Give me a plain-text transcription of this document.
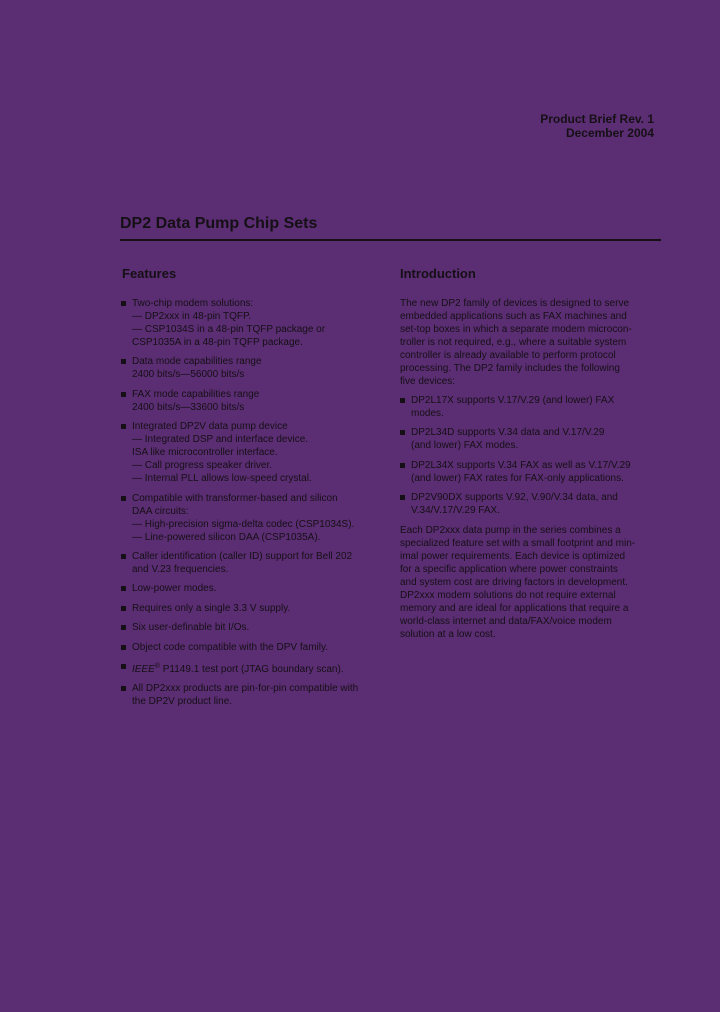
Product Brief Rev. 1
December 2004
DP2 Data Pump Chip Sets
Features	Introduction
Two-chip modem solutions:
— DP2xxx in 48-pin TQFP.
— CSP1034S in a 48-pin TQFP package or
CSP1035A in a 48-pin TQFP package.
Data mode capabilities range
2400 bits/s—56000 bits/s
FAX mode capabilities range
2400 bits/s—33600 bits/s
Integrated DP2V data pump device
— Integrated DSP and interface device.
ISA like microcontroller interface.
— Call progress speaker driver.
— Internal PLL allows low-speed crystal.
Compatible with transformer-based and silicon
DAA circuits:
— High-precision sigma-delta codec (CSP1034S).
— Line-powered silicon DAA (CSP1035A).
Caller identification (caller ID) support for Bell 202
and V.23 frequencies.
Low-power modes.
Requires only a single 3.3 V supply.
Six user-definable bit I/Os.
Object code compatible with the DPV family.
IEEE® P1149.1 test port (JTAG boundary scan).
All DP2xxx products are pin-for-pin compatible with
the DP2V product line.

The new DP2 family of devices is designed to serve
embedded applications such as FAX machines and
set-top boxes in which a separate modem microcon-
troller is not required, e.g., where a suitable system
controller is already available to perform protocol
processing. The DP2 family includes the following
five devices:

DP2L17X supports V.17/V.29 (and lower) FAX
modes.
DP2L34D supports V.34 data and V.17/V.29
(and lower) FAX modes.
DP2L34X supports V.34 FAX as well as V.17/V.29
(and lower) FAX rates for FAX-only applications.
DP2V90DX supports V.92, V.90/V.34 data, and
V.34/V.17/V.29 FAX.

Each DP2xxx data pump in the series combines a
specialized feature set with a small footprint and min-
imal power requirements. Each device is optimized
for a specific application where power constraints
and system cost are driving factors in development.
DP2xxx modem solutions do not require external
memory and are ideal for applications that require a
world-class internet and data/FAX/voice modem
solution at a low cost.
